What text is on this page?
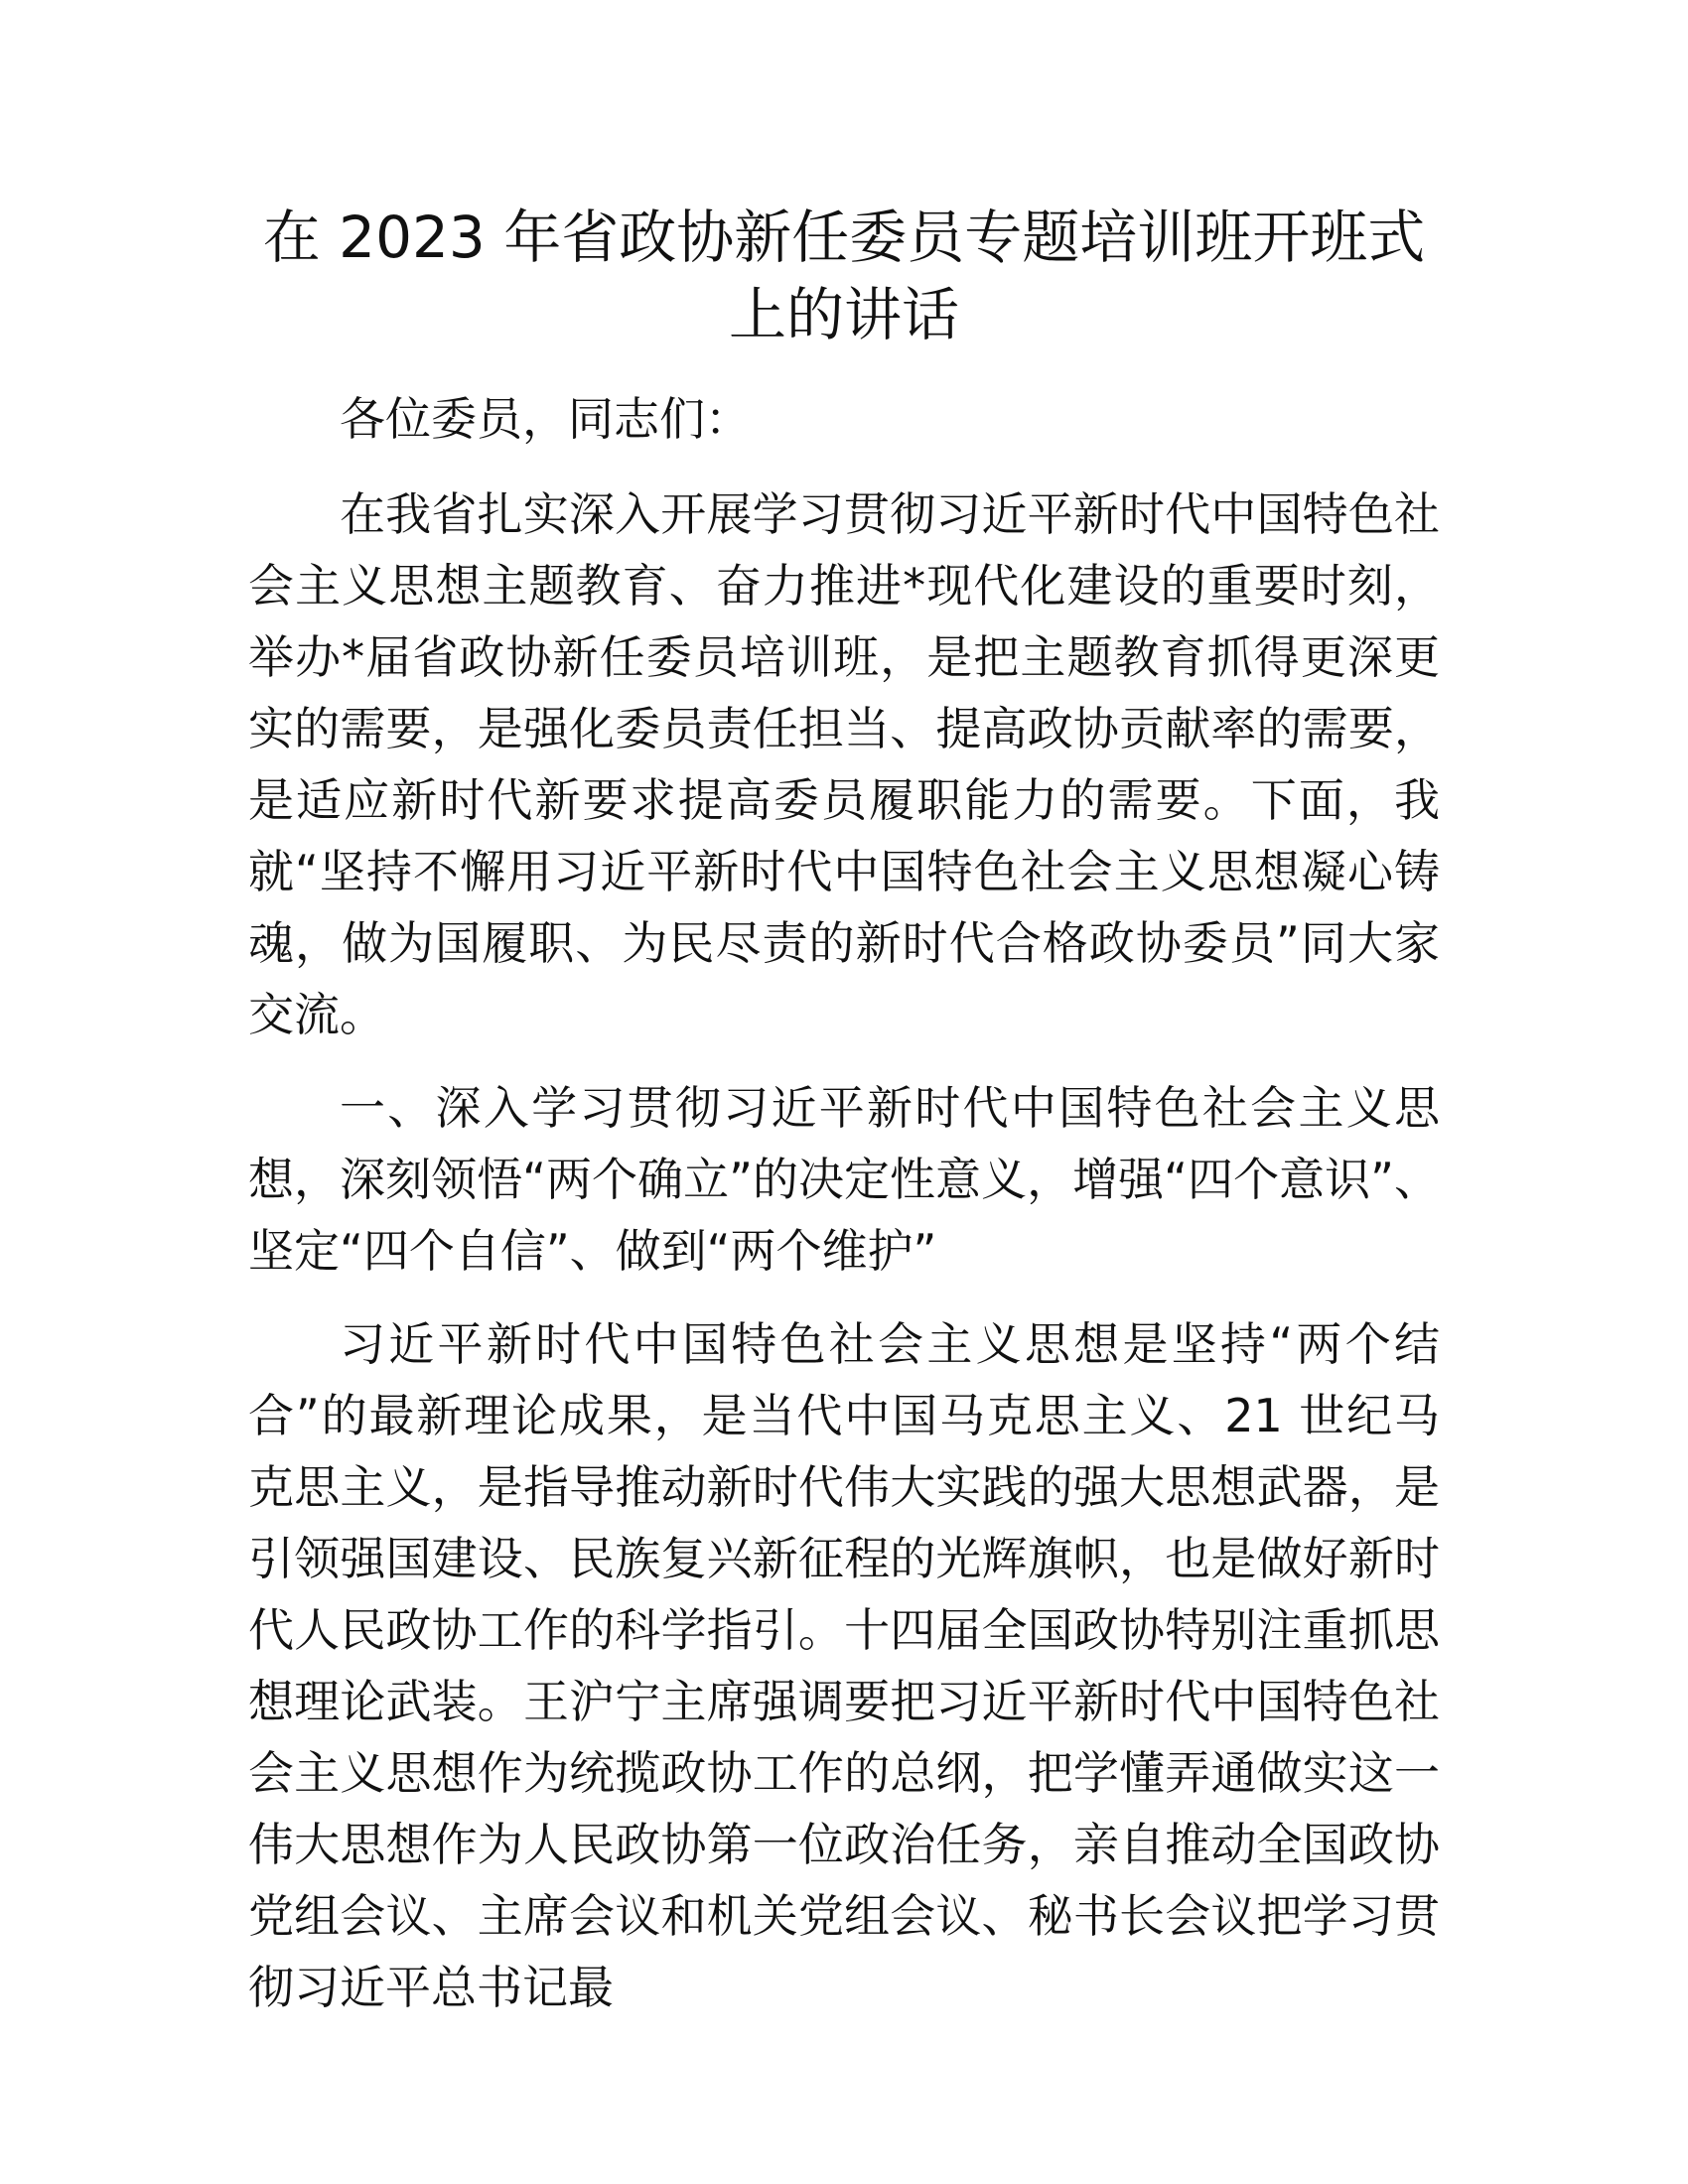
在 2023 年省政协新任委员专题培训班开班式上的讲话

各位委员，同志们：

在我省扎实深入开展学习贯彻习近平新时代中国特色社会主义思想主题教育、奋力推进*现代化建设的重要时刻，举办*届省政协新任委员培训班，是把主题教育抓得更深更实的需要，是强化委员责任担当、提高政协贡献率的需要，是适应新时代新要求提高委员履职能力的需要。下面，我就“坚持不懈用习近平新时代中国特色社会主义思想凝心铸魂，做为国履职、为民尽责的新时代合格政协委员”同大家交流。

一、深入学习贯彻习近平新时代中国特色社会主义思想，深刻领悟“两个确立”的决定性意义，增强“四个意识”、坚定“四个自信”、做到“两个维护”

习近平新时代中国特色社会主义思想是坚持“两个结合”的最新理论成果，是当代中国马克思主义、21 世纪马克思主义，是指导推动新时代伟大实践的强大思想武器，是引领强国建设、民族复兴新征程的光辉旗帜，也是做好新时代人民政协工作的科学指引。十四届全国政协特别注重抓思想理论武装。王沪宁主席强调要把习近平新时代中国特色社会主义思想作为统揽政协工作的总纲，把学懂弄通做实这一伟大思想作为人民政协第一位政治任务，亲自推动全国政协党组会议、主席会议和机关党组会议、秘书长会议把学习贯彻习近平总书记最
